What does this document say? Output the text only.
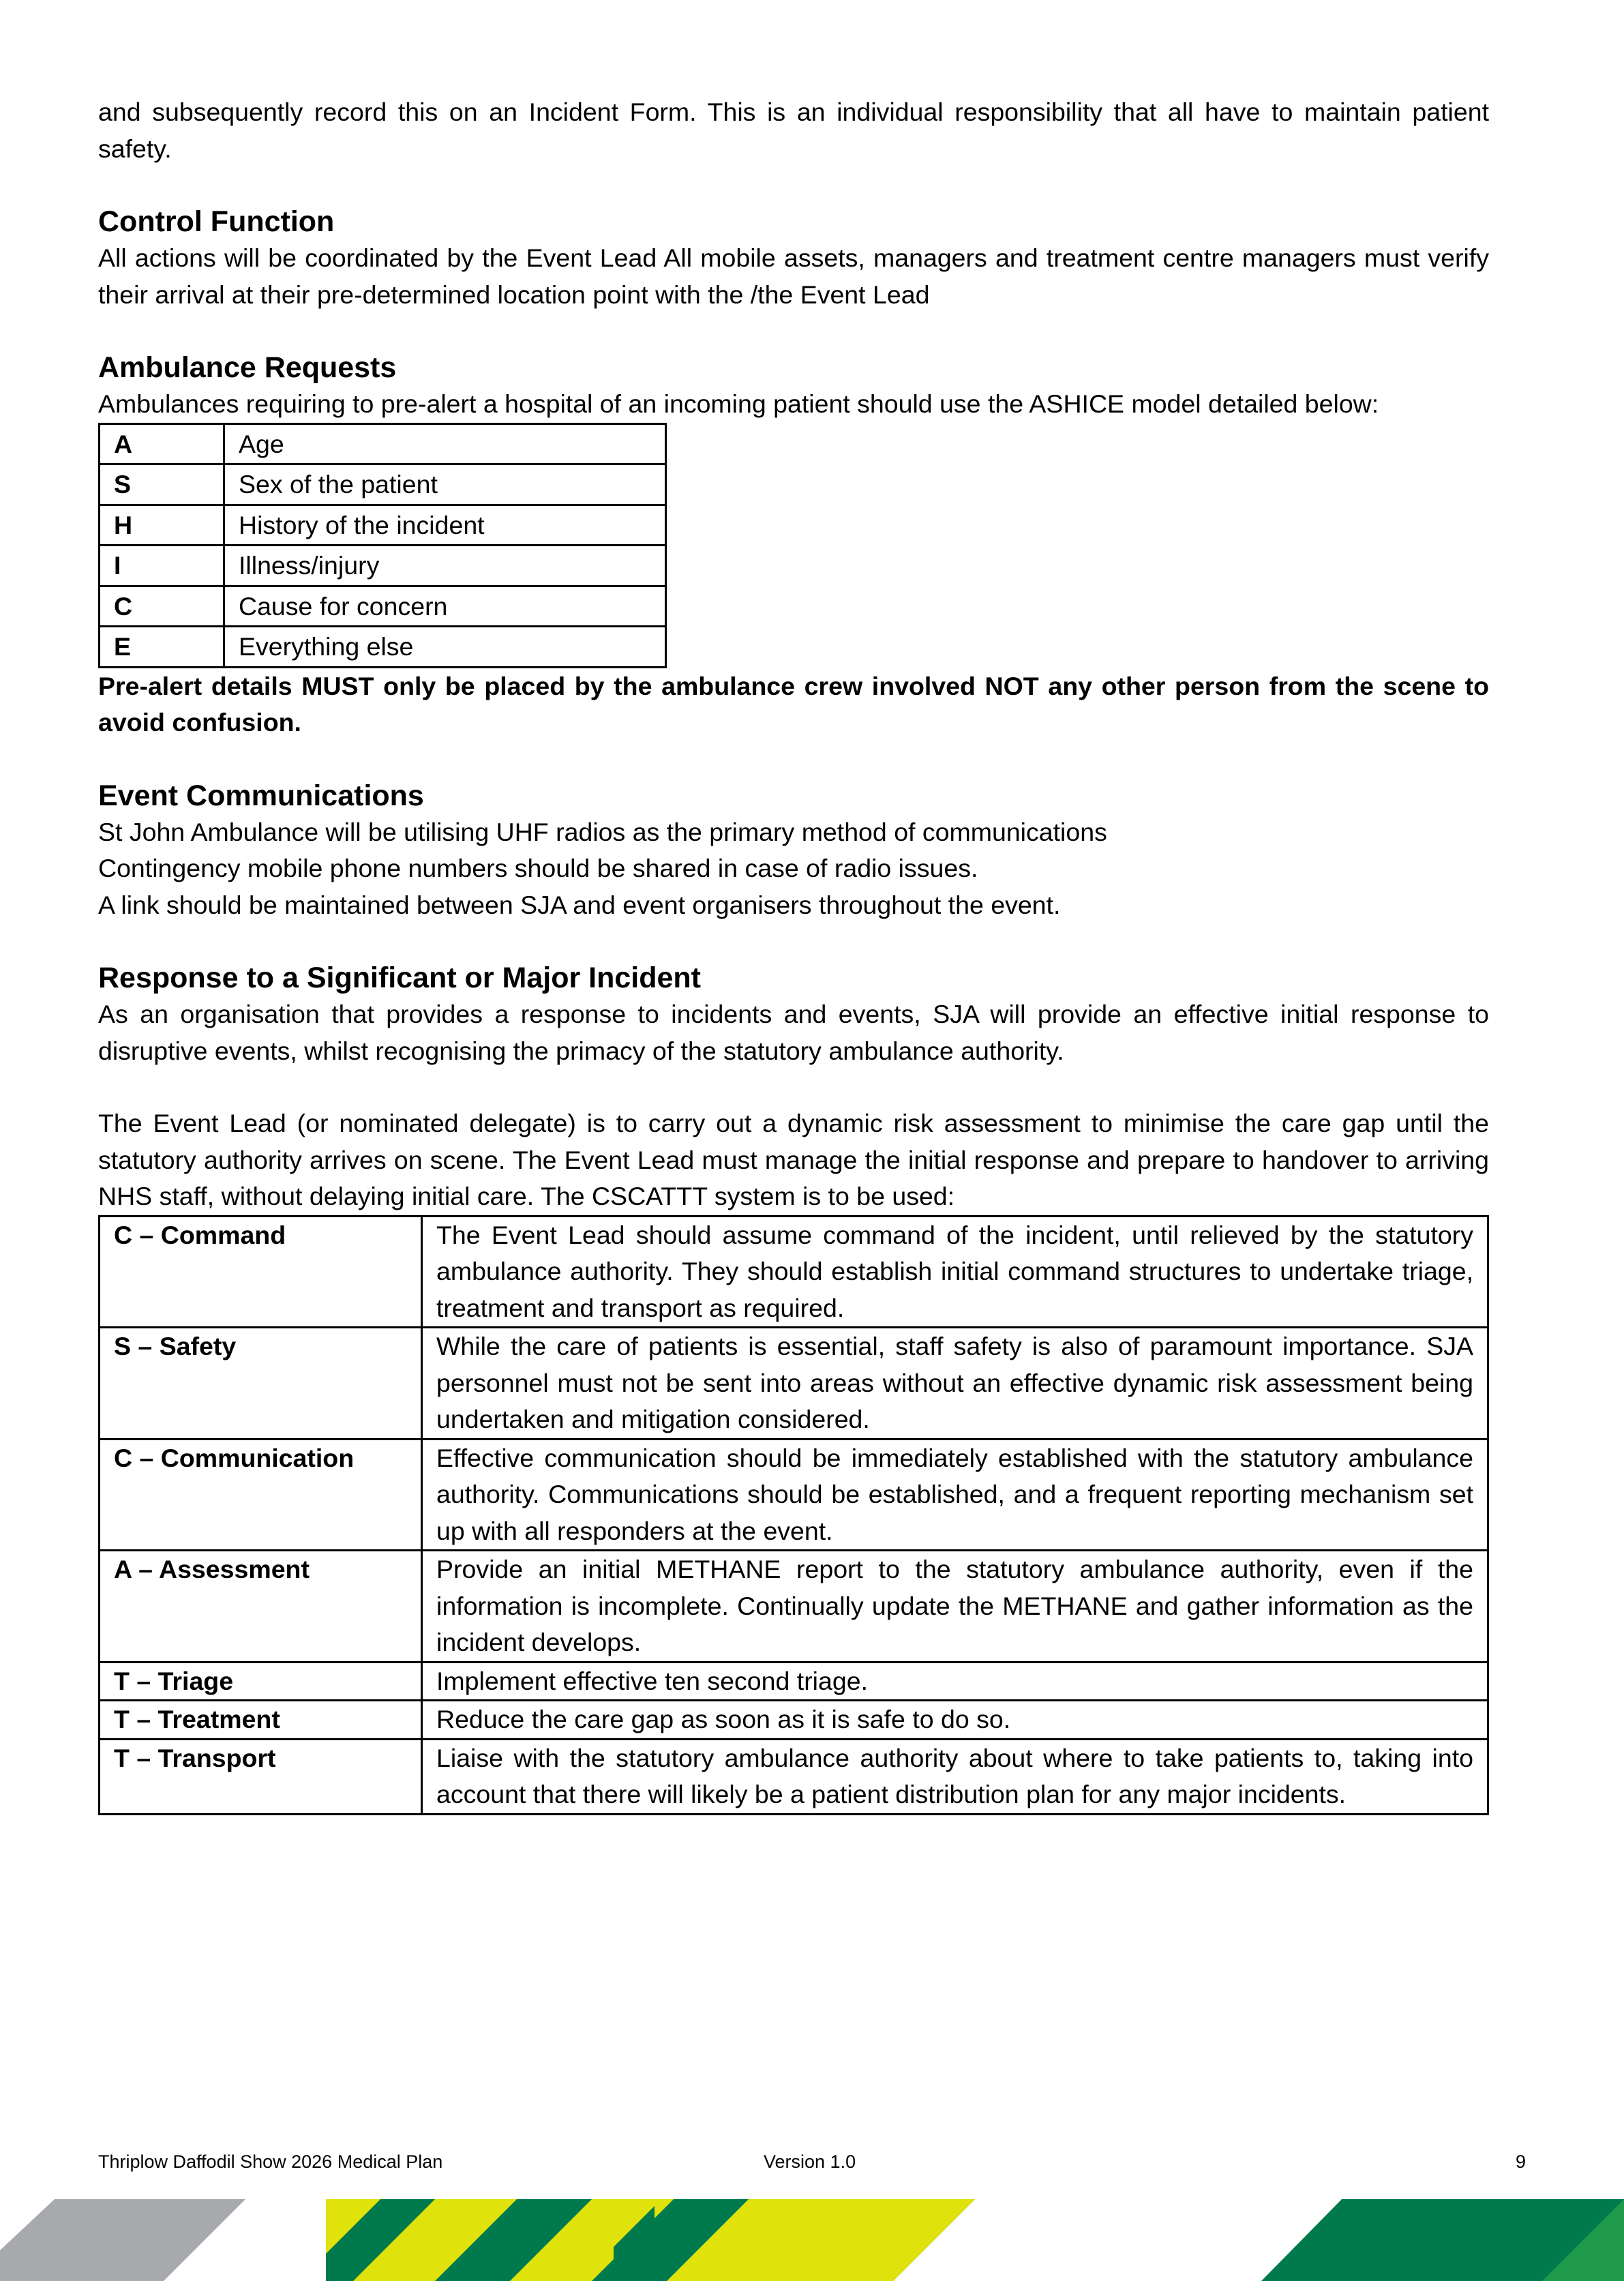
and subsequently record this on an Incident Form. This is an individual responsibility that all have to maintain patient safety.

Control Function

All actions will be coordinated by the Event Lead All mobile assets, managers and treatment centre managers must verify their arrival at their pre-determined location point with the /the Event Lead

Ambulance Requests

Ambulances requiring to pre-alert a hospital of an incoming patient should use the ASHICE model detailed below:

A	Age
S	Sex of the patient
H	History of the incident
I	Illness/injury
C	Cause for concern
E	Everything else

Pre-alert details MUST only be placed by the ambulance crew involved NOT any other person from the scene to avoid confusion.

Event Communications

St John Ambulance will be utilising UHF radios as the primary method of communications

Contingency mobile phone numbers should be shared in case of radio issues.

A link should be maintained between SJA and event organisers throughout the event.

Response to a Significant or Major Incident

As an organisation that provides a response to incidents and events, SJA will provide an effective initial response to disruptive events, whilst recognising the primacy of the statutory ambulance authority.

The Event Lead (or nominated delegate) is to carry out a dynamic risk assessment to minimise the care gap until the statutory authority arrives on scene. The Event Lead must manage the initial response and prepare to handover to arriving NHS staff, without delaying initial care. The CSCATTT system is to be used:

C – Command	The Event Lead should assume command of the incident, until relieved by the statutory ambulance authority. They should establish initial command structures to undertake triage, treatment and transport as required.
S – Safety	While the care of patients is essential, staff safety is also of paramount importance. SJA personnel must not be sent into areas without an effective dynamic risk assessment being undertaken and mitigation considered.
C – Communication	Effective communication should be immediately established with the statutory ambulance authority. Communications should be established, and a frequent reporting mechanism set up with all responders at the event.
A – Assessment	Provide an initial METHANE report to the statutory ambulance authority, even if the information is incomplete. Continually update the METHANE and gather information as the incident develops.
T – Triage	Implement effective ten second triage.
T – Treatment	Reduce the care gap as soon as it is safe to do so.
T – Transport	Liaise with the statutory ambulance authority about where to take patients to, taking into account that there will likely be a patient distribution plan for any major incidents.
Thriplow Daffodil Show 2026 Medical Plan	Version 1.0	9
